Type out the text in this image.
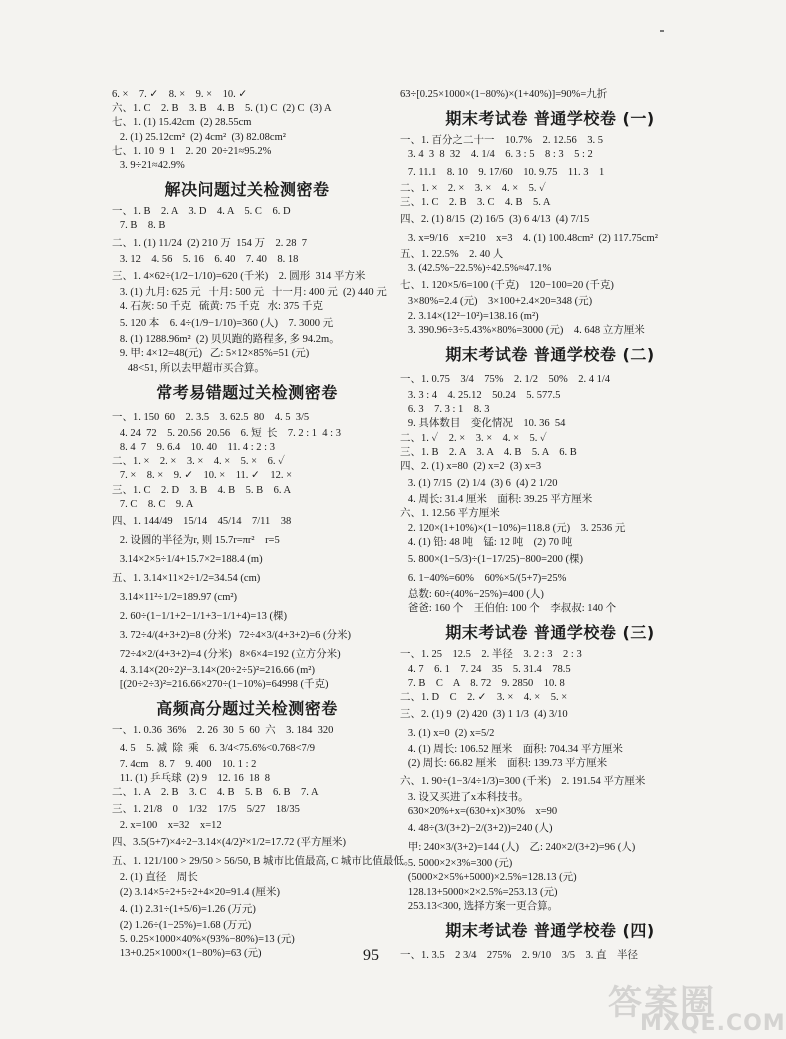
6. ×    7. ✓    8. ×    9. ×    10. ✓
六、1. C    2. B    3. B    4. B    5. (1) C  (2) C  (3) A
七、1. (1) 15.42cm  (2) 28.55cm
2. (1) 25.12cm²  (2) 4cm²  (3) 82.08cm²
七、1. 10  9  1    2. 20  20÷21≈95.2%
3. 9÷21≈42.9%
解决问题过关检测密卷
一、1. B    2. A    3. D    4. A    5. C    6. D
7. B    8. B
二、1. (1) 11/24  (2) 210 万  154 万    2. 28  7
3. 12    4. 56    5. 16    6. 40    7. 40    8. 18
三、1. 4×62÷(1/2−1/10)=620 (千米)    2. 圆形  314 平方米
3. (1) 九月: 625 元   十月: 500 元   十一月: 400 元  (2) 440 元
4. 石灰: 50 千克   硫黄: 75 千克   水: 375 千克
5. 120 本    6. 4÷(1/9−1/10)=360 (人)    7. 3000 元
8. (1) 1288.96m²  (2) 贝贝跑的路程多, 多 94.2m。
9. 甲: 4×12=48(元)   乙: 5×12×85%=51 (元)
48<51, 所以去甲超市买合算。
常考易错题过关检测密卷
一、1. 150  60    2. 3.5    3. 62.5  80    4. 5  3/5
4. 24  72    5. 20.56  20.56    6. 短  长    7. 2 : 1  4 : 3
8. 4  7    9. 6.4    10. 40    11. 4 : 2 : 3
二、1. ×    2. ×    3. ×    4. ×    5. ×    6. ✓
7. ×    8. ×    9. ✓    10. ×    11. ✓    12. ×
三、1. C    2. D    3. B    4. B    5. B    6. A
7. C    8. C    9. A
四、1. 144/49    15/14    45/14    7/11    38
2. 设圆的半径为r, 则 15.7r=πr²    r=5
3.14×2×5÷1/4+15.7×2=188.4 (m)
五、1. 3.14×11×2÷1/2=34.54 (cm)
3.14×11²÷1/2=189.97 (cm²)
2. 60÷(1−1/1+2−1/1+3−1/1+4)=13 (棵)
3. 72÷4/(4+3+2)=8 (分米)   72÷4×3/(4+3+2)=6 (分米)
72÷4×2/(4+3+2)=4 (分米)   8×6×4=192 (立方分米)
4. 3.14×(20÷2)²−3.14×(20÷2÷5)²=216.66 (m²)
[(20÷2÷3)²=216.66×270÷(1−10%)=64998 (千克)
高频高分题过关检测密卷
一、1. 0.36  36%    2. 26  30  5  60  六    3. 184  320
4. 5    5. 减  除  乘    6. 3/4<75.6%<0.768<7/9
7. 4cm    8. 7    9. 400    10. 1 : 2
11. (1) 乒乓球  (2) 9    12. 16  18  8
二、1. A    2. B    3. C    4. B    5. B    6. B    7. A
三、1. 21/8    0    1/32    17/5    5/27    18/35
2. x=100    x=32    x=12
四、3.5(5+7)×4÷2−3.14×(4/2)²×1/2=17.72 (平方厘米)
五、1. 121/100 > 29/50 > 56/50, B 城市比值最高, C 城市比值最低。
2. (1) 直径    周长
(2) 3.14×5÷2+5÷2+4×20=91.4 (厘米)
4. (1) 2.31÷(1+5/6)=1.26 (万元)
(2) 1.26÷(1−25%)=1.68 (万元)
5. 0.25×1000×40%×(93%−80%)=13 (元)
13+0.25×1000×(1−80%)=63 (元)
63÷[0.25×1000×(1−80%)×(1+40%)]=90%=九折
期末考试卷 普通学校卷 (一)
一、1. 百分之二十一    10.7%    2. 12.56    3. 5
3. 4  3  8  32    4. 1/4    6. 3 : 5    8 : 3    5 : 2
7. 11.1    8. 10    9. 17/60    10. 9.75    11. 3    1
二、1. ×    2. ×    3. ×    4. ×    5. ✓
三、1. C    2. B    3. C    4. B    5. A
四、2. (1) 8/15  (2) 16/5  (3) 6 4/13  (4) 7/15
3. x=9/16    x=210    x=3    4. (1) 100.48cm²  (2) 117.75cm²
五、1. 22.5%    2. 40 人
3. (42.5%−22.5%)÷42.5%≈47.1%
七、1. 120×5/6=100 (千克)    120−100=20 (千克)
3×80%=2.4 (元)    3×100+2.4×20=348 (元)
2. 3.14×(12²−10²)=138.16 (m²)
3. 390.96÷3÷5.43%×80%=3000 (元)    4. 648 立方厘米
期末考试卷 普通学校卷 (二)
一、1. 0.75    3/4    75%    2. 1/2    50%    2. 4 1/4
3. 3 : 4    4. 25.12    50.24    5. 577.5
6. 3    7. 3 : 1    8. 3
9. 具体数目    变化情况    10. 36  54
二、1. ✓    2. ×    3. ×    4. ×    5. ✓
三、1. B    2. A    3. A    4. B    5. A    6. B
四、2. (1) x=80  (2) x=2  (3) x=3
3. (1) 7/15  (2) 1/4  (3) 6  (4) 2 1/20
4. 周长: 31.4 厘米    面积: 39.25 平方厘米
六、1. 12.56 平方厘米
2. 120×(1+10%)×(1−10%)=118.8 (元)    3. 2536 元
4. (1) 铅: 48 吨    锰: 12 吨    (2) 70 吨
5. 800×(1−5/3)÷(1−17/25)−800=200 (棵)
6. 1−40%=60%    60%×5/(5+7)=25%
总数: 60÷(40%−25%)=400 (人)
爸爸: 160 个    王伯伯: 100 个    李叔叔: 140 个
期末考试卷 普通学校卷 (三)
一、1. 25    12.5    2. 半径    3. 2 : 3    2 : 3
4. 7    6. 1    7. 24    35    5. 31.4    78.5
7. B    C    A    8. 72    9. 2850    10. 8
二、1. D    C    2. ✓    3. ×    4. ×    5. ×
三、2. (1) 9  (2) 420  (3) 1 1/3  (4) 3/10
3. (1) x=0  (2) x=5/2
4. (1) 周长: 106.52 厘米    面积: 704.34 平方厘米
(2) 周长: 66.82 厘米    面积: 139.73 平方厘米
六、1. 90÷(1−3/4÷1/3)=300 (千米)    2. 191.54 平方厘米
3. 设又买进了x本科技书。
630×20%+x=(630+x)×30%    x=90
4. 48÷(3/(3+2)−2/(3+2))=240 (人)
甲: 240×3/(3+2)=144 (人)    乙: 240×2/(3+2)=96 (人)
5. 5000×2×3%=300 (元)
(5000×2×5%+5000)×2.5%=128.13 (元)
128.13+5000×2×2.5%=253.13 (元)
253.13<300, 选择方案一更合算。
期末考试卷 普通学校卷 (四)
一、1. 3.5    2 3/4    275%    2. 9/10    3/5    3. 直    半径
95
答案圈
MXQE.COM
